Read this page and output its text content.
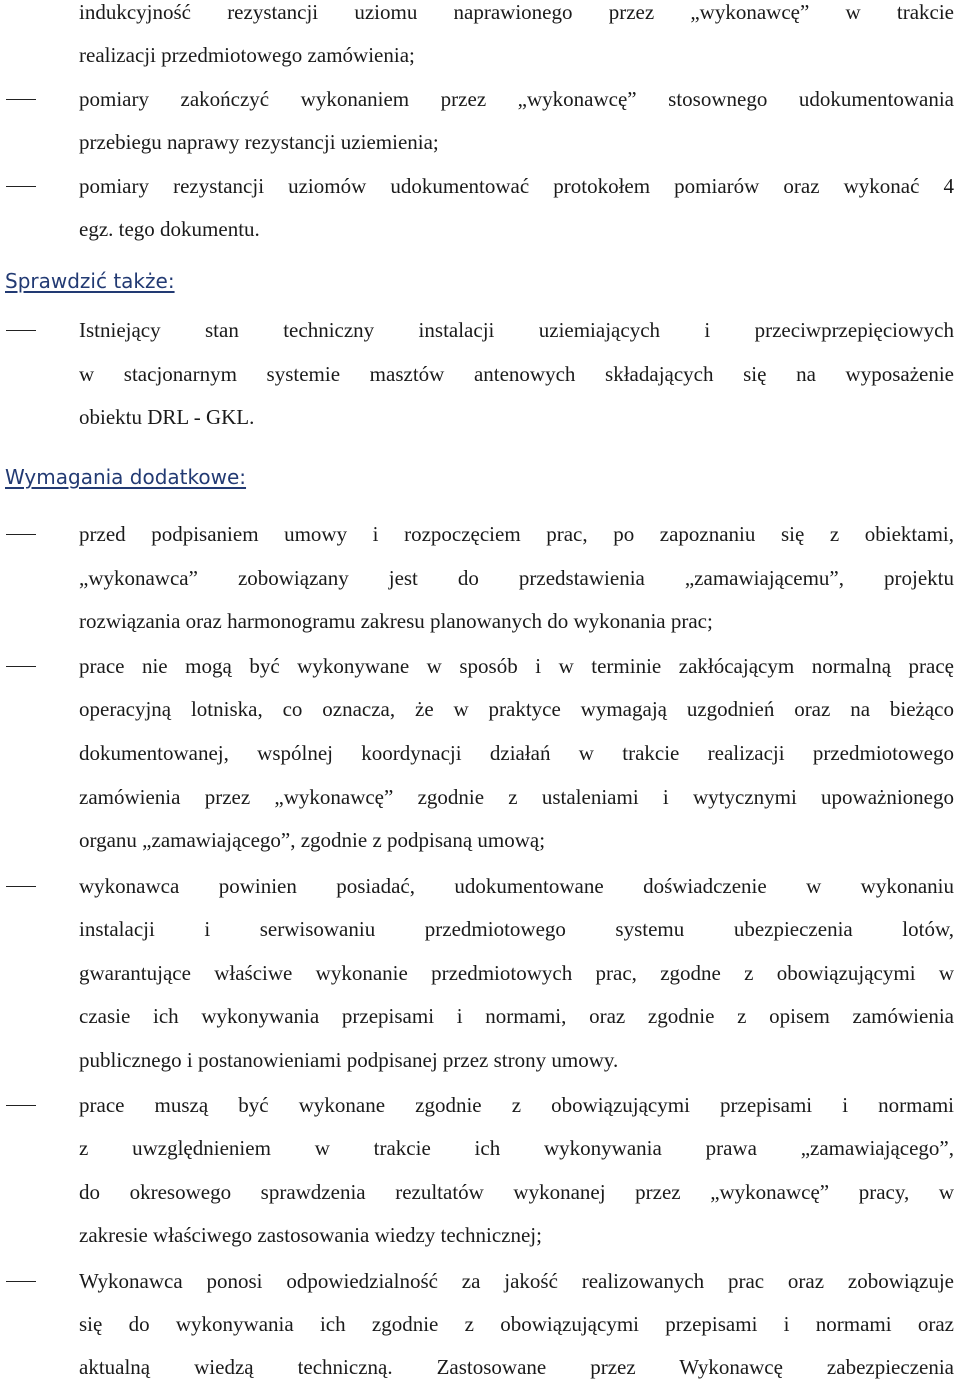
Sprawdzić także:
Wymagania dodatkowe:
indukcyjność rezystancji uziomu naprawionego przez „wykonawcę” w trakcie
realizacji przedmiotowego zamówienia;
pomiary zakończyć wykonaniem przez „wykonawcę” stosownego udokumentowania
przebiegu naprawy rezystancji uziemienia;
pomiary rezystancji uziomów udokumentować protokołem pomiarów oraz wykonać 4
egz. tego dokumentu.
Istniejący stan techniczny instalacji uziemiających i przeciwprzepięciowych
w stacjonarnym systemie masztów antenowych składających się na wyposażenie
obiektu DRL - GKL.
przed podpisaniem umowy i rozpoczęciem prac, po zapoznaniu się z obiektami,
„wykonawca” zobowiązany jest do przedstawienia „zamawiającemu”, projektu
rozwiązania oraz harmonogramu zakresu planowanych do wykonania prac;
prace nie mogą być wykonywane w sposób i w terminie zakłócającym normalną pracę
operacyjną lotniska, co oznacza, że w praktyce wymagają uzgodnień oraz na bieżąco
dokumentowanej, wspólnej koordynacji działań w trakcie realizacji przedmiotowego
zamówienia przez „wykonawcę” zgodnie z ustaleniami i wytycznymi upoważnionego
organu „zamawiającego”, zgodnie z podpisaną umową;
wykonawca powinien posiadać, udokumentowane doświadczenie w wykonaniu
instalacji i serwisowaniu przedmiotowego systemu ubezpieczenia lotów,
gwarantujące właściwe wykonanie przedmiotowych prac, zgodne z obowiązującymi w
czasie ich wykonywania przepisami i normami, oraz zgodnie z opisem zamówienia
publicznego i postanowieniami podpisanej przez strony umowy.
prace muszą być wykonane zgodnie z obowiązującymi przepisami i normami
z uwzględnieniem w trakcie ich wykonywania prawa „zamawiającego”,
do okresowego sprawdzenia rezultatów wykonanej przez „wykonawcę” pracy, w
zakresie właściwego zastosowania wiedzy technicznej;
Wykonawca ponosi odpowiedzialność za jakość realizowanych prac oraz zobowiązuje
się do wykonywania ich zgodnie z obowiązującymi przepisami i normami oraz
aktualną wiedzą techniczną. Zastosowane przez Wykonawcę zabezpieczenia
